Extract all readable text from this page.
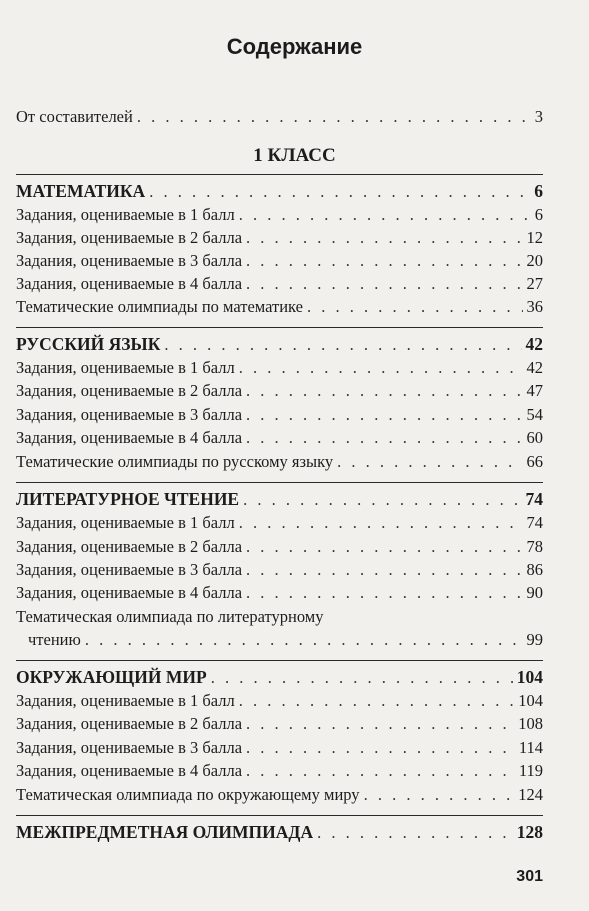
Содержание
От составителей . . .	3
1 КЛАСС
МАТЕМАТИКА . . .	6
Задания, оцениваемые в 1 балл . . .	6
Задания, оцениваемые в 2 балла . . .	12
Задания, оцениваемые в 3 балла . . .	20
Задания, оцениваемые в 4 балла . . .	27
Тематические олимпиады по математике . . .	36
РУССКИЙ ЯЗЫК . . .	42
Задания, оцениваемые в 1 балл . . .	42
Задания, оцениваемые в 2 балла . . .	47
Задания, оцениваемые в 3 балла . . .	54
Задания, оцениваемые в 4 балла . . .	60
Тематические олимпиады по русскому языку . . .	66
ЛИТЕРАТУРНОЕ ЧТЕНИЕ . . .	74
Задания, оцениваемые в 1 балл . . .	74
Задания, оцениваемые в 2 балла . . .	78
Задания, оцениваемые в 3 балла . . .	86
Задания, оцениваемые в 4 балла . . .	90
Тематическая олимпиада по литературному
чтению . . .	99
ОКРУЖАЮЩИЙ МИР . . .	104
Задания, оцениваемые в 1 балл . . .	104
Задания, оцениваемые в 2 балла . . .	108
Задания, оцениваемые в 3 балла . . .	114
Задания, оцениваемые в 4 балла . . .	119
Тематическая олимпиада по окружающему миру . . .	124
МЕЖПРЕДМЕТНАЯ ОЛИМПИАДА . . .	128
301
